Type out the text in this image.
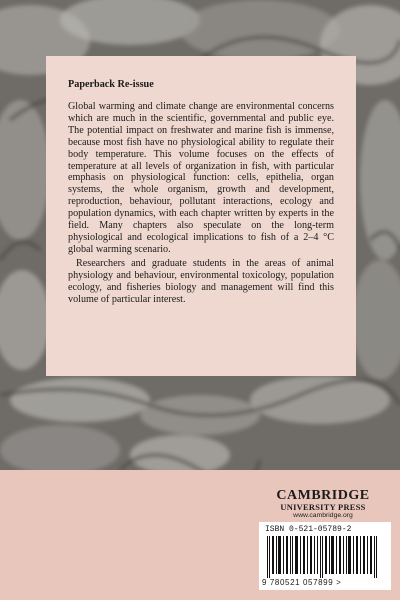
Paperback Re-issue

Global warming and climate change are environmental concerns which are much in the scientific, governmental and public eye. The potential impact on freshwater and marine fish is immense, because most fish have no physiological ability to regulate their body temperature. This volume focuses on the effects of temperature at all levels of organization in fish, with particular emphasis on physiological function: cells, epithelia, organ systems, the whole organism, growth and development, reproduction, behaviour, pollutant interactions, ecology and population dynamics, with each chapter written by experts in the field. Many chapters also speculate on the long-term physiological and ecological implications to fish of a 2–4 °C global warming scenario.

Researchers and graduate students in the areas of animal physiology and behaviour, environmental toxicology, population ecology, and fisheries biology and management will find this volume of particular interest.

CAMBRIDGE
UNIVERSITY PRESS
www.cambridge.org
ISBN 0-521-05789-2
9 780521 057899 >
